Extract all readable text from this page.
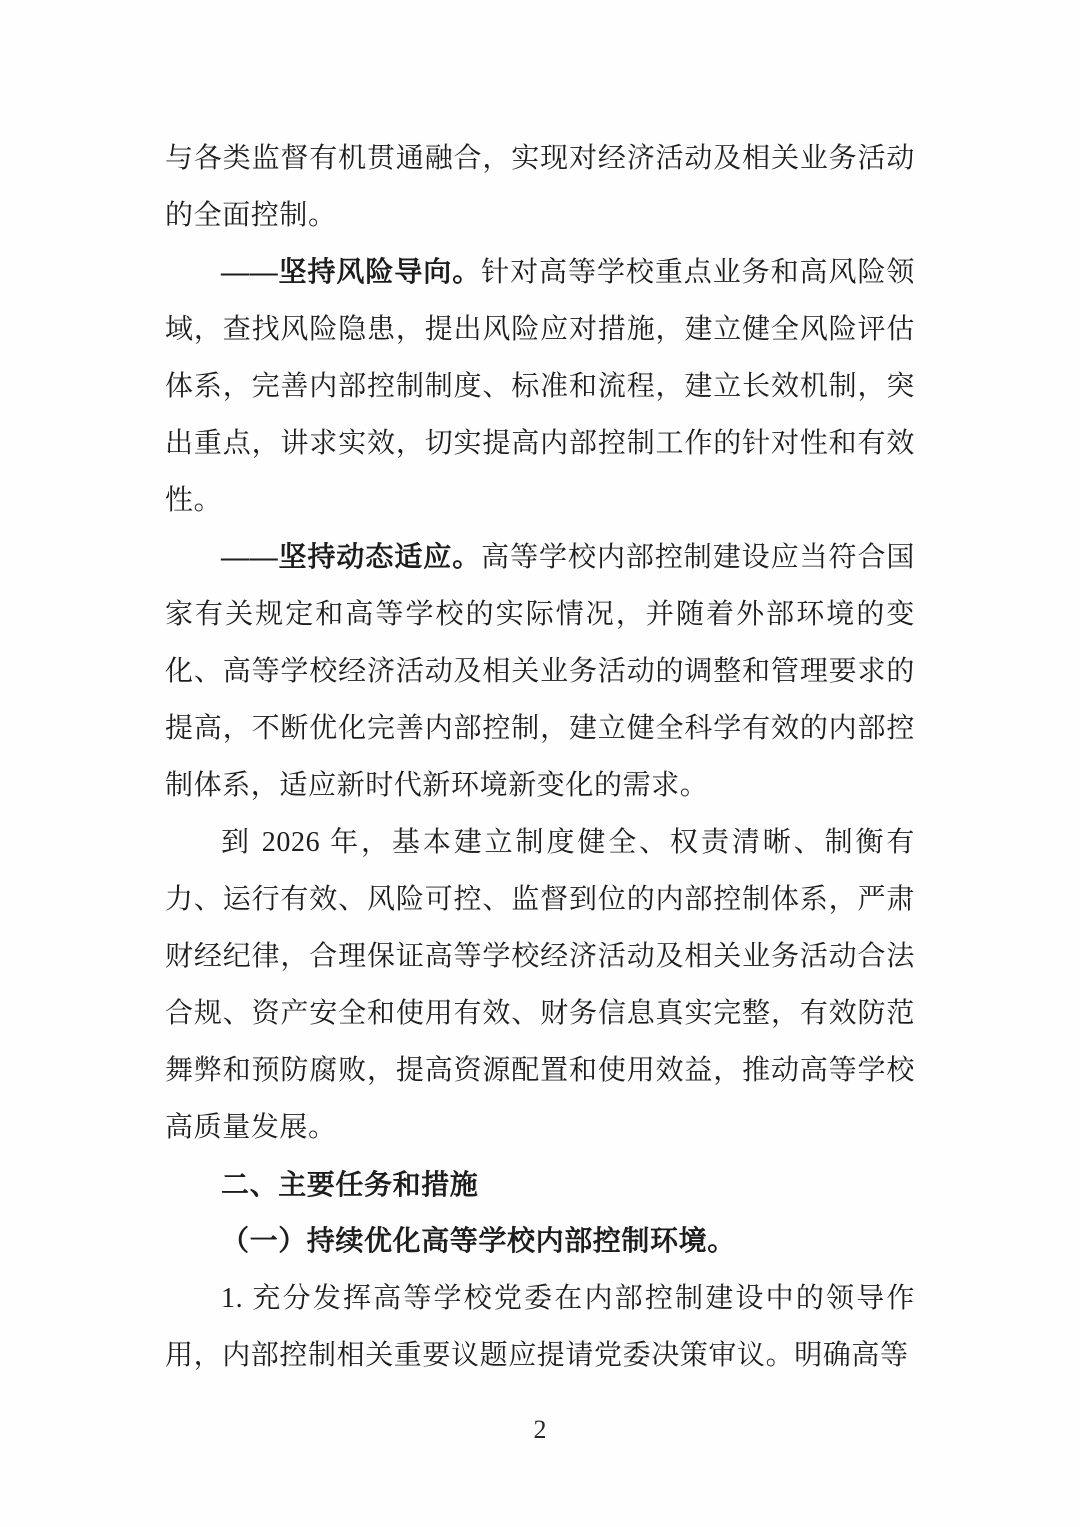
与各类监督有机贯通融合，实现对经济活动及相关业务活动的全面控制。

——坚持风险导向。针对高等学校重点业务和高风险领域，查找风险隐患，提出风险应对措施，建立健全风险评估体系，完善内部控制制度、标准和流程，建立长效机制，突出重点，讲求实效，切实提高内部控制工作的针对性和有效性。

——坚持动态适应。高等学校内部控制建设应当符合国家有关规定和高等学校的实际情况，并随着外部环境的变化、高等学校经济活动及相关业务活动的调整和管理要求的提高，不断优化完善内部控制，建立健全科学有效的内部控制体系，适应新时代新环境新变化的需求。

到 2026 年，基本建立制度健全、权责清晰、制衡有力、运行有效、风险可控、监督到位的内部控制体系，严肃财经纪律，合理保证高等学校经济活动及相关业务活动合法合规、资产安全和使用有效、财务信息真实完整，有效防范舞弊和预防腐败，提高资源配置和使用效益，推动高等学校高质量发展。

二、主要任务和措施

（一）持续优化高等学校内部控制环境。

1. 充分发挥高等学校党委在内部控制建设中的领导作用，内部控制相关重要议题应提请党委决策审议。明确高等

2
